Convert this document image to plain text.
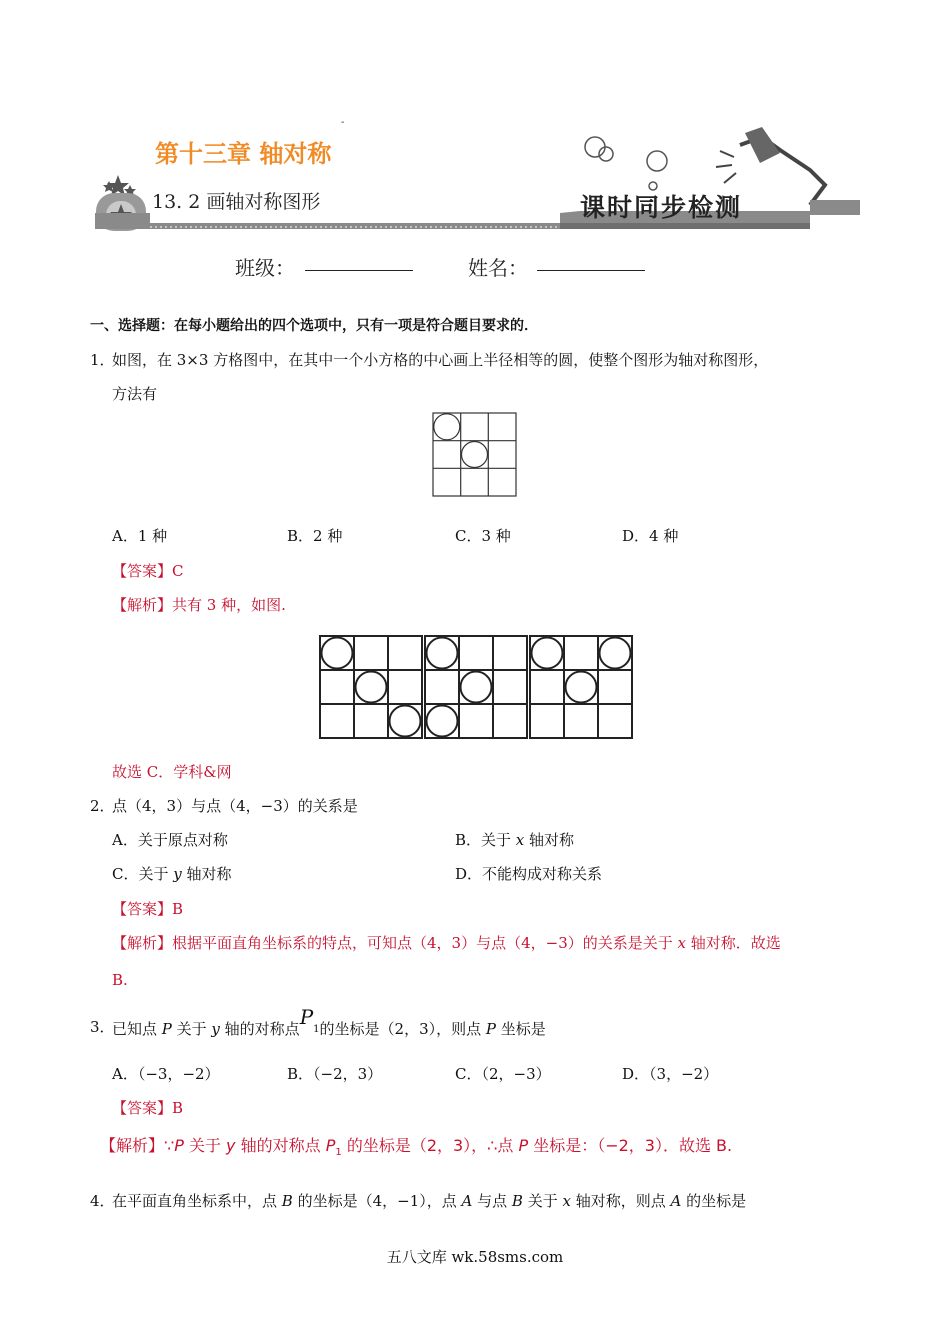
-
第十三章 轴对称
13. 2 画轴对称图形	课时同步检测
班级：	姓名：
一、选择题：在每小题给出的四个选项中，只有一项是符合题目要求的．
1．
如图，在 3×3 方格图中，在其中一个小方格的中心画上半径相等的圆，使整个图形为轴对称图形，
方法有
A．1 种	B．2 种	C．3 种	D．4 种
【答案】C
【解析】共有 3 种，如图.
故选 C．学科&网
2．
点（4，3）与点（4，−3）的关系是
A．关于原点对称	B．关于 x 轴对称
C．关于 y 轴对称	D．不能构成对称关系
【答案】B
【解析】根据平面直角坐标系的特点，可知点（4，3）与点（4，−3）的关系是关于 x 轴对称．故选
B.
3．
已知点 P 关于 y 轴的对称点$P_1$的坐标是（2，3），则点 P 坐标是
A．（−3，−2）	B．（−2，3）	C．（2，−3）	D．（3，−2）
【答案】B
【解析】∵P 关于 y 轴的对称点 $P_1$ 的坐标是（2，3），∴点 P 坐标是：（−2，3）．故选 B.
4．
在平面直角坐标系中，点 B 的坐标是（4，−1），点 A 与点 B 关于 x 轴对称，则点 A 的坐标是
五八文库 wk.58sms.com
